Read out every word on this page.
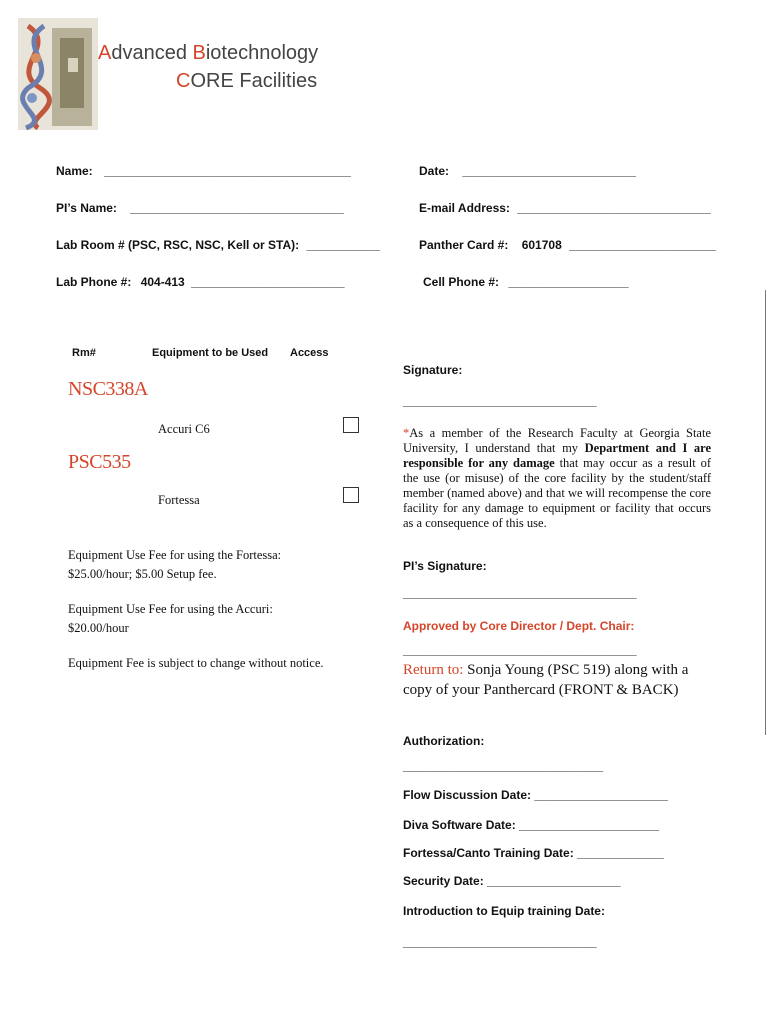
Advanced Biotechnology
CORE Facilities
Name: _____________________________________	Date: __________________________
PI’s Name: ________________________________	E-mail Address: _____________________________
Lab Room # (PSC, RSC, NSC, Kell or STA): ___________	Panther Card #: 601708 ______________________
Lab Phone #: 404-413 _______________________	Cell Phone #: __________________
Rm#	Equipment to be Used Access
NSC338A
Accuri C6
PSC535
Fortessa
Equipment Use Fee for using the Fortessa:
$25.00/hour; $5.00 Setup fee.
Equipment Use Fee for using the Accuri:
$20.00/hour
Equipment Fee is subject to change without notice.
Signature:
_____________________________
*As a member of the Research Faculty at Georgia State University, I understand that my Department and I are responsible for any damage that may occur as a result of the use (or misuse) of the core facility by the student/staff member (named above) and that we will recompense the core facility for any damage to equipment or facility that occurs as a consequence of this use.
PI’s Signature:
___________________________________
Approved by Core Director / Dept. Chair:
___________________________________
Return to: Sonja Young (PSC 519) along with a copy of your Panthercard (FRONT & BACK)
Authorization:
______________________________
Flow Discussion Date: ____________________
Diva Software Date: _____________________
Fortessa/Canto Training Date: _____________
Security Date: ____________________
Introduction to Equip training Date:
_____________________________
